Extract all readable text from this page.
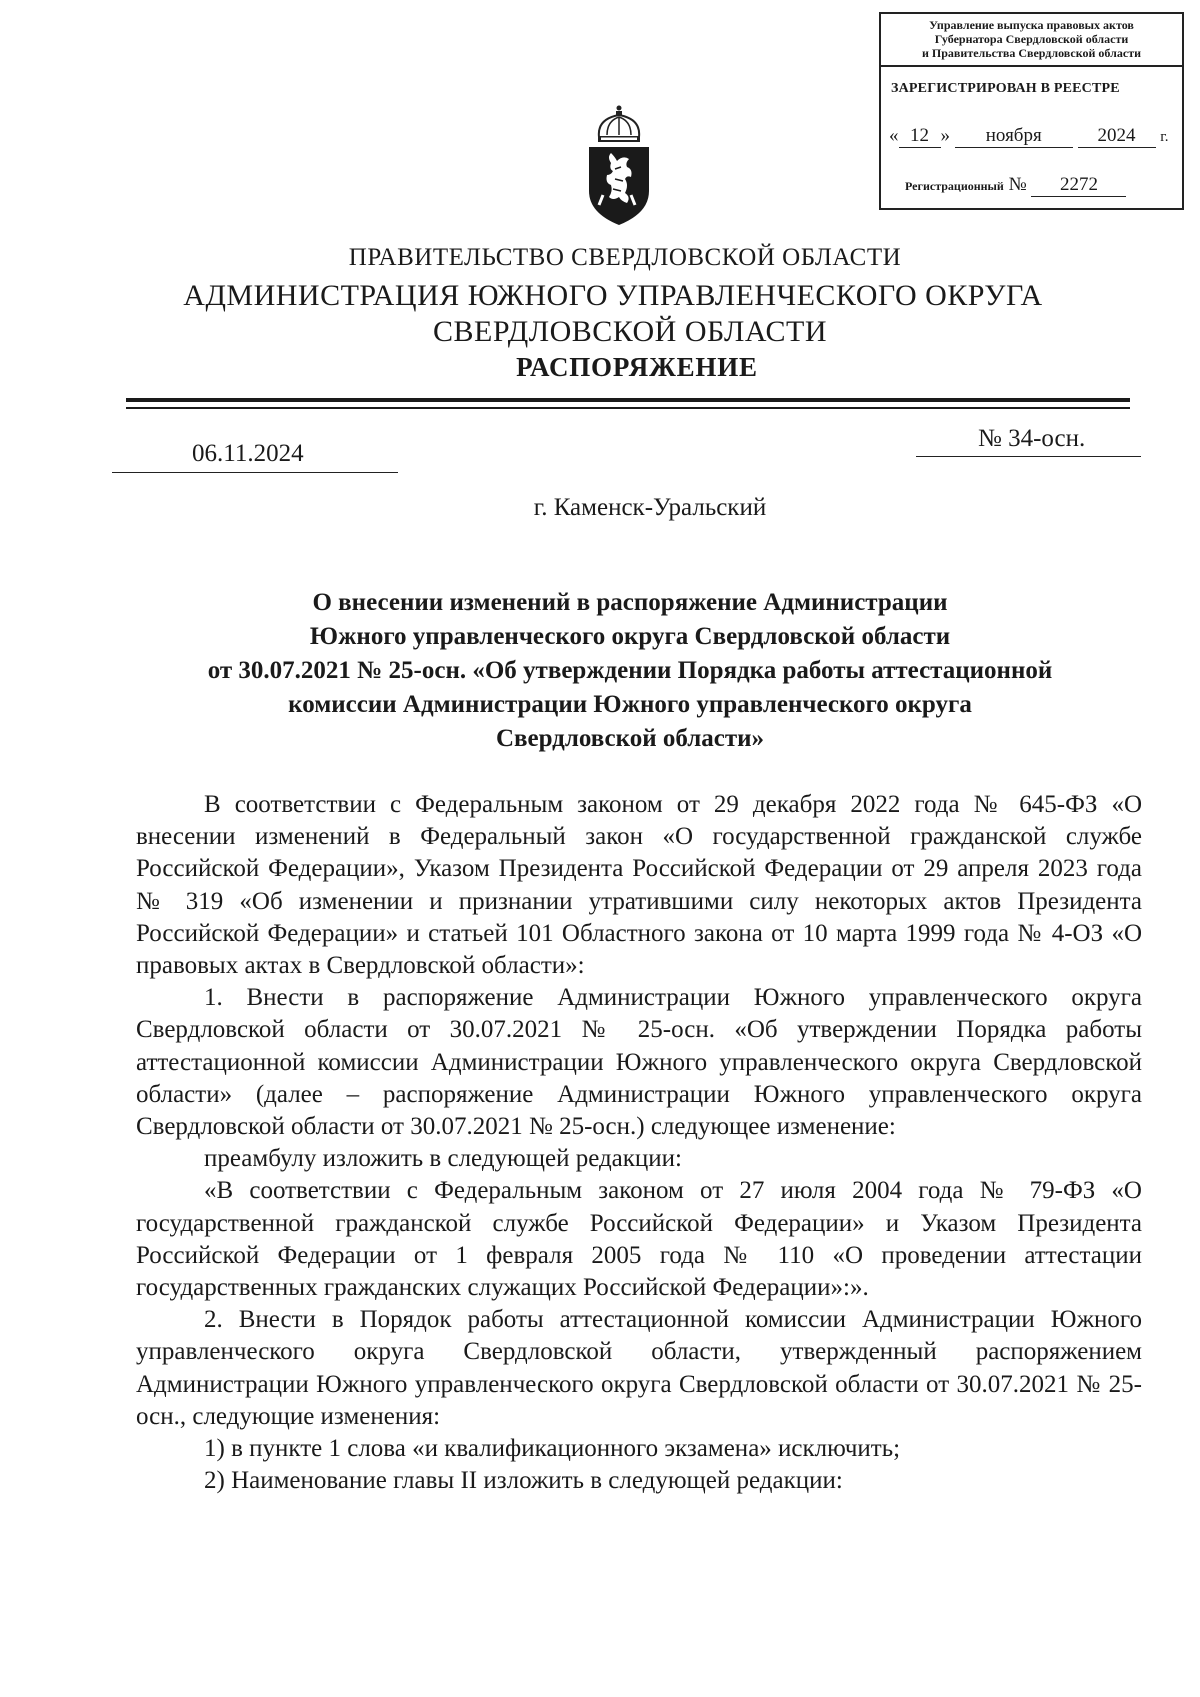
Управление выпуска правовых актов
Губернатора Свердловской области
и Правительства Свердловской области
ЗАРЕГИСТРИРОВАН В РЕЕСТРЕ
« 12 » ноября	2024 г.
Регистрационный № 2272
ПРАВИТЕЛЬСТВО СВЕРДЛОВСКОЙ ОБЛАСТИ
АДМИНИСТРАЦИЯ ЮЖНОГО УПРАВЛЕНЧЕСКОГО ОКРУГА
СВЕРДЛОВСКОЙ ОБЛАСТИ
РАСПОРЯЖЕНИЕ
06.11.2024
№ 34-осн.
г. Каменск-Уральский
О внесении изменений в распоряжение Администрации
Южного управленческого округа Свердловской области
от 30.07.2021 № 25-осн. «Об утверждении Порядка работы аттестационной
комиссии Администрации Южного управленческого округа
Свердловской области»

В соответствии с Федеральным законом от 29 декабря 2022 года № 645-ФЗ «О внесении изменений в Федеральный закон «О государственной гражданской службе Российской Федерации», Указом Президента Российской Федерации от 29 апреля 2023 года № 319 «Об изменении и признании утратившими силу некоторых актов Президента Российской Федерации» и статьей 101 Областного закона от 10 марта 1999 года № 4-ОЗ «О правовых актах в Свердловской области»:

1. Внести в распоряжение Администрации Южного управленческого округа Свердловской области от 30.07.2021 № 25-осн. «Об утверждении Порядка работы аттестационной комиссии Администрации Южного управленческого округа Свердловской области» (далее – распоряжение Администрации Южного управленческого округа Свердловской области от 30.07.2021 № 25-осн.) следующее изменение:

преамбулу изложить в следующей редакции:

«В соответствии с Федеральным законом от 27 июля 2004 года № 79-ФЗ «О государственной гражданской службе Российской Федерации» и Указом Президента Российской Федерации от 1 февраля 2005 года № 110 «О проведении аттестации государственных гражданских служащих Российской Федерации»:».

2. Внести в Порядок работы аттестационной комиссии Администрации Южного управленческого округа Свердловской области, утвержденный распоряжением Администрации Южного управленческого округа Свердловской области от 30.07.2021 № 25-осн., следующие изменения:

1) в пункте 1 слова «и квалификационного экзамена» исключить;

2) Наименование главы II изложить в следующей редакции:
